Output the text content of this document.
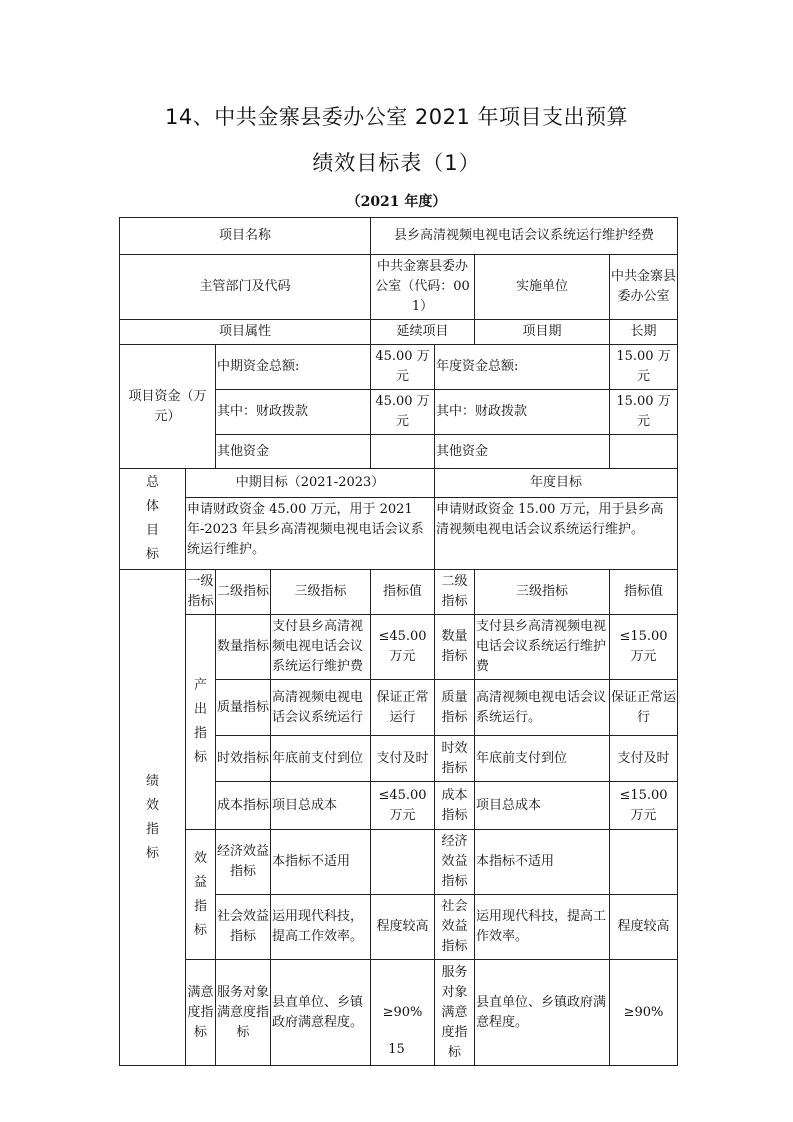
14、中共金寨县委办公室 2021 年项目支出预算
绩效目标表（1）
（2021 年度）
项目名称				县乡高清视频电视电话会议系统运行维护经费			
主管部门及代码				中共金寨县委办公室（代码：001）		实施单位	中共金寨县委办公室
项目属性				延续项目		项目期	长期
项目资金（万元）		中期资金总额:		45.00 万元	年度资金总额:		15.00 万元
		其中：财政拨款		45.00 万元	其中：财政拨款		15.00 万元
		其他资金			其他资金		
总体目标	中期目标（2021-2023）				年度目标		
	申请财政资金 45.00 万元，用于 2021 年-2023 年县乡高清视频电视电话会议系统运行维护。				申请财政资金 15.00 万元，用于县乡高清视频电视电话会议系统运行维护。		
绩效指标	一级指标	二级指标	三级指标	指标值	二级指标	三级指标	指标值
	产出指标	数量指标	支付县乡高清视频电视电话会议系统运行维护费	≤45.00 万元	数量指标	支付县乡高清视频电视电话会议系统运行维护费	≤15.00 万元
		质量指标	高清视频电视电话会议系统运行	保证正常运行	质量指标	高清视频电视电话会议系统运行。	保证正常运行
		时效指标	年底前支付到位	支付及时	时效指标	年底前支付到位	支付及时
		成本指标	项目总成本	≤45.00 万元	成本指标	项目总成本	≤15.00 万元
	效益指标	经济效益指标	本指标不适用		经济效益指标	本指标不适用	
		社会效益指标	运用现代科技，提高工作效率。	程度较高	社会效益指标	运用现代科技，提高工作效率。	程度较高
	满意度指标	服务对象满意度指标	县直单位、乡镇政府满意程度。	≥90%	服务对象满意度指标	县直单位、乡镇政府满意程度。	≥90%
15
